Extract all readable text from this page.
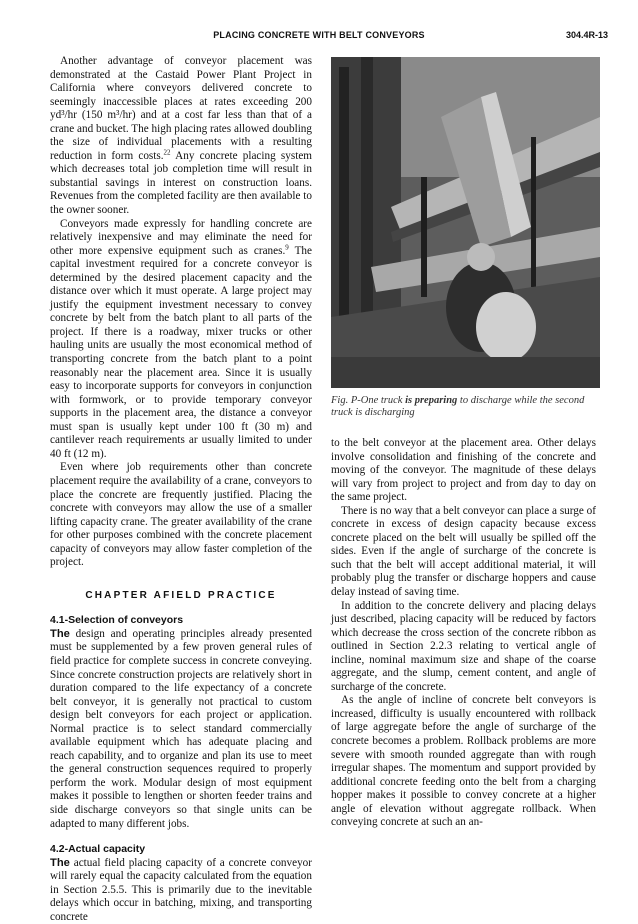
PLACING CONCRETE WITH BELT CONVEYORS	304.4R-13

Another advantage of conveyor placement was demonstrated at the Castaid Power Plant Project in California where conveyors delivered concrete to seemingly inaccessible places at rates exceeding 200 yd³/hr (150 m³/hr) and at a cost far less than that of a crane and bucket. The high placing rates allowed doubling the size of individual placements with a resulting reduction in form costs.$^{22}$ Any concrete placing system which decreases total job completion time will result in substantial savings in interest on construction loans. Revenues from the completed facility are then available to the owner sooner.

Conveyors made expressly for handling concrete are relatively inexpensive and may eliminate the need for other more expensive equipment such as cranes.$^9$ The capital investment required for a concrete conveyor is determined by the desired placement capacity and the distance over which it must operate. A large project may justify the equipment investment necessary to convey concrete by belt from the batch plant to all parts of the project. If there is a roadway, mixer trucks or other hauling units are usually the most economical method of transporting concrete from the batch plant to a point reasonably near the placement area. Since it is usually easy to incorporate supports for conveyors in conjunction with formwork, or to provide temporary conveyor supports in the placement area, the distance a conveyor must span is usually kept under 100 ft (30 m) and cantilever reach requirements ar usually limited to under 40 ft (12 m).

Even where job requirements other than concrete placement require the availability of a crane, conveyors to place the concrete are frequently justified. Placing the concrete with conveyors may allow the use of a smaller lifting capacity crane. The greater availability of the crane for other purposes combined with the concrete placement capacity of conveyors may allow faster completion of the project.

CHAPTER AFIELD PRACTICE
4.1-Selection of conveyors

The design and operating principles already presented must be supplemented by a few proven general rules of field practice for complete success in concrete conveying. Since concrete construction projects are relatively short in duration compared to the life expectancy of a concrete belt conveyor, it is generally not practical to custom design belt conveyors for each project or application. Normal practice is to select standard commercially available equipment which has adequate placing and reach capability, and to organize and plan its use to meet the general construction sequences required to properly perform the work. Modular design of most equipment makes it possible to lengthen or shorten feeder trains and side discharge conveyors so that single units can be adapted to many different jobs.

4.2-Actual capacity

The actual field placing capacity of a concrete conveyor will rarely equal the capacity calculated from the equation in Section 2.5.5. This is primarily due to the inevitable delays which occur in batching, mixing, and transporting concrete

Fig. P-One truck is preparing to discharge while the second truck is discharging

to the belt conveyor at the placement area. Other delays involve consolidation and finishing of the concrete and moving of the conveyor. The magnitude of these delays will vary from project to project and from day to day on the same project.

There is no way that a belt conveyor can place a surge of concrete in excess of design capacity because excess concrete placed on the belt will usually be spilled off the sides. Even if the angle of surcharge of the concrete is such that the belt will accept additional material, it will probably plug the transfer or discharge hoppers and cause delay instead of saving time.

In addition to the concrete delivery and placing delays just described, placing capacity will be reduced by factors which decrease the cross section of the concrete ribbon as outlined in Section 2.2.3 relating to vertical angle of incline, nominal maximum size and shape of the coarse aggregate, and the slump, cement content, and angle of surcharge of the concrete.

As the angle of incline of concrete belt conveyors is increased, difficulty is usually encountered with rollback of large aggregate before the angle of surcharge of the concrete becomes a problem. Rollback problems are more severe with smooth rounded aggregate than with rough irregular shapes. The momentum and support provided by additional concrete feeding onto the belt from a charging hopper makes it possible to convey concrete at a higher angle of elevation without aggregate rollback. When conveying concrete at such an an-
